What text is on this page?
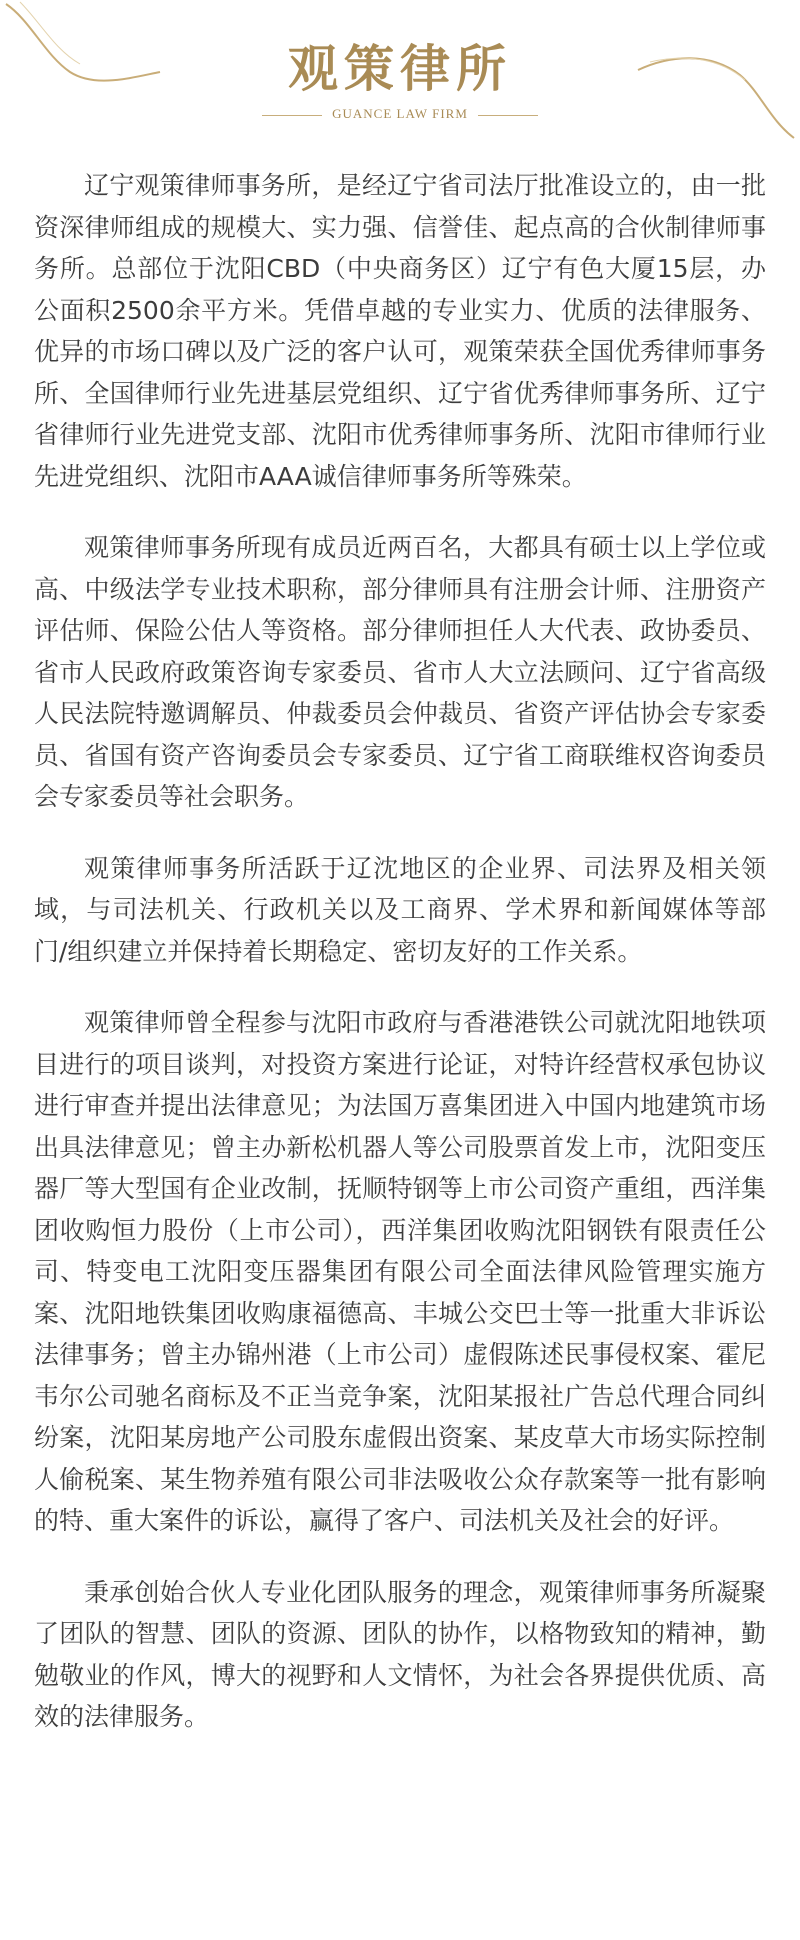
观策律所
GUANCE LAW FIRM

辽宁观策律师事务所，是经辽宁省司法厅批准设立的，由一批资深律师组成的规模大、实力强、信誉佳、起点高的合伙制律师事务所。总部位于沈阳CBD（中央商务区）辽宁有色大厦15层，办公面积2500余平方米。凭借卓越的专业实力、优质的法律服务、优异的市场口碑以及广泛的客户认可，观策荣获全国优秀律师事务所、全国律师行业先进基层党组织、辽宁省优秀律师事务所、辽宁省律师行业先进党支部、沈阳市优秀律师事务所、沈阳市律师行业先进党组织、沈阳市AAA诚信律师事务所等殊荣。

观策律师事务所现有成员近两百名，大都具有硕士以上学位或高、中级法学专业技术职称，部分律师具有注册会计师、注册资产评估师、保险公估人等资格。部分律师担任人大代表、政协委员、省市人民政府政策咨询专家委员、省市人大立法顾问、辽宁省高级人民法院特邀调解员、仲裁委员会仲裁员、省资产评估协会专家委员、省国有资产咨询委员会专家委员、辽宁省工商联维权咨询委员会专家委员等社会职务。

观策律师事务所活跃于辽沈地区的企业界、司法界及相关领域，与司法机关、行政机关以及工商界、学术界和新闻媒体等部门/组织建立并保持着长期稳定、密切友好的工作关系。

观策律师曾全程参与沈阳市政府与香港港铁公司就沈阳地铁项目进行的项目谈判，对投资方案进行论证，对特许经营权承包协议进行审查并提出法律意见；为法国万喜集团进入中国内地建筑市场出具法律意见；曾主办新松机器人等公司股票首发上市，沈阳变压器厂等大型国有企业改制，抚顺特钢等上市公司资产重组，西洋集团收购恒力股份（上市公司），西洋集团收购沈阳钢铁有限责任公司、特变电工沈阳变压器集团有限公司全面法律风险管理实施方案、沈阳地铁集团收购康福德高、丰城公交巴士等一批重大非诉讼法律事务；曾主办锦州港（上市公司）虚假陈述民事侵权案、霍尼韦尔公司驰名商标及不正当竞争案，沈阳某报社广告总代理合同纠纷案，沈阳某房地产公司股东虚假出资案、某皮草大市场实际控制人偷税案、某生物养殖有限公司非法吸收公众存款案等一批有影响的特、重大案件的诉讼，赢得了客户、司法机关及社会的好评。

秉承创始合伙人专业化团队服务的理念，观策律师事务所凝聚了团队的智慧、团队的资源、团队的协作，以格物致知的精神，勤勉敬业的作风，博大的视野和人文情怀，为社会各界提供优质、高效的法律服务。
